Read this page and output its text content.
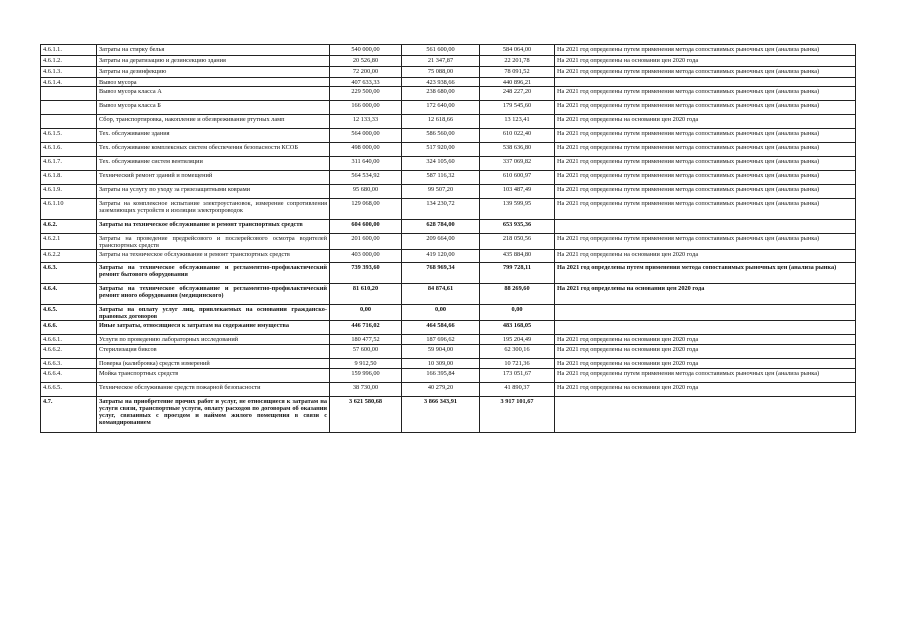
4.6.1.1.	Затраты на стирку белья	540 000,00	561 600,00	584 064,00	На 2021 год определены путем применения метода сопоставимых рыночных цен (анализа рынка)
4.6.1.2.	Затраты на дератизацию и дезинсекцию здания	20 526,80	21 347,87	22 201,78	На 2021 год определены на основании цен 2020 года
4.6.1.3.	Затраты на дезинфекцию	72 200,00	75 088,00	78 091,52	На 2021 год определены путем применения метода сопоставимых рыночных цен (анализа рынка)
4.6.1.4.	Вывоз мусора	407 633,33	423 938,66	440 896,21	
	Вывоз мусора класса А	229 500,00	238 680,00	248 227,20	На 2021 год определены путем применения метода сопоставимых рыночных цен (анализа рынка)
	Вывоз мусора класса Б	166 000,00	172 640,00	179 545,60	На 2021 год определены путем применения метода сопоставимых рыночных цен (анализа рынка)
	Сбор, транспортировка, накопление и обезвреживание ртутных ламп	12 133,33	12 618,66	13 123,41	На 2021 год определены на основании цен 2020 года
4.6.1.5.	Тех. обслуживание здания	564 000,00	586 560,00	610 022,40	На 2021 год определены путем применения метода сопоставимых рыночных цен (анализа рынка)
4.6.1.6.	Тех. обслуживание комплексных систем обеспечения безопасности КСОБ	498 000,00	517 920,00	538 636,80	На 2021 год определены путем применения метода сопоставимых рыночных цен (анализа рынка)
4.6.1.7.	Тех. обслуживание систем вентиляции	311 640,00	324 105,60	337 069,82	На 2021 год определены путем применения метода сопоставимых рыночных цен (анализа рынка)
4.6.1.8.	Технический ремонт зданий и помещений	564 534,92	587 116,32	610 600,97	На 2021 год определены путем применения метода сопоставимых рыночных цен (анализа рынка)
4.6.1.9.	Затраты на услугу по уходу за грязезащитными коврами	95 680,00	99 507,20	103 487,49	На 2021 год определены путем применения метода сопоставимых рыночных цен (анализа рынка)
4.6.1.10	Затраты на комплексное испытание электроустановок, измерение сопротивления заземляющих устройств и изоляции электропроводок	129 068,00	134 230,72	139 599,95	На 2021 год определены путем применения метода сопоставимых рыночных цен (анализа рынка)
4.6.2.	Затраты на техническое обслуживание и ремонт транспортных средств	604 600,00	628 784,00	653 935,36	
4.6.2.1	Затраты на проведение предрейсового и послерейсового осмотра водителей транспортных средств	201 600,00	209 664,00	218 050,56	На 2021 год определены путем применения метода сопоставимых рыночных цен (анализа рынка)
4.6.2.2	Затраты на техническое обслуживание и ремонт транспортных средств	403 000,00	419 120,00	435 884,80	На 2021 год определены на основании цен 2020 года
4.6.3.	Затраты на техническое обслуживание и регламентно-профилактический ремонт бытового оборудования	739 393,60	768 969,34	799 728,11	На 2021 год определены путем применения метода сопоставимых рыночных цен (анализа рынка)
4.6.4.	Затраты на техническое обслуживание и регламентно-профилактический ремонт иного оборудования (медицинского)	81 610,20	84 874,61	88 269,60	На 2021 год определены на основании цен 2020 года
4.6.5.	Затраты на оплату услуг лиц, привлекаемых на основании гражданско-правовых договоров	0,00	0,00	0,00	
4.6.6.	Иные затраты, относящиеся к затратам на содержание имущества	446 716,02	464 584,66	483 168,05	
4.6.6.1.	Услуги по проведению лабораторных исследований	180 477,52	187 696,62	195 204,49	На 2021 год определены на основании цен 2020 года
4.6.6.2.	Стерилизация биксов	57 600,00	59 904,00	62 300,16	На 2021 год определены на основании цен 2020 года
4.6.6.3.	Поверка (калибровка) средств измерений	9 912,50	10 309,00	10 721,36	На 2021 год определены на основании цен 2020 года
4.6.6.4.	Мойка транспортных средств	159 996,00	166 395,84	173 051,67	На 2021 год определены путем применения метода сопоставимых рыночных цен (анализа рынка)
4.6.6.5.	Техническое обслуживание средств пожарной безопасности	38 730,00	40 279,20	41 890,37	На 2021 год определены на основании цен 2020 года
4.7.	Затраты на приобретение прочих работ и услуг, не относящиеся к затратам на услуги связи, транспортные услуги, оплату расходов по договорам об оказании услуг, связанных с проездом и наймом жилого помещения в связи с командированием	3 621 580,68	3 866 343,91	3 917 101,67	
